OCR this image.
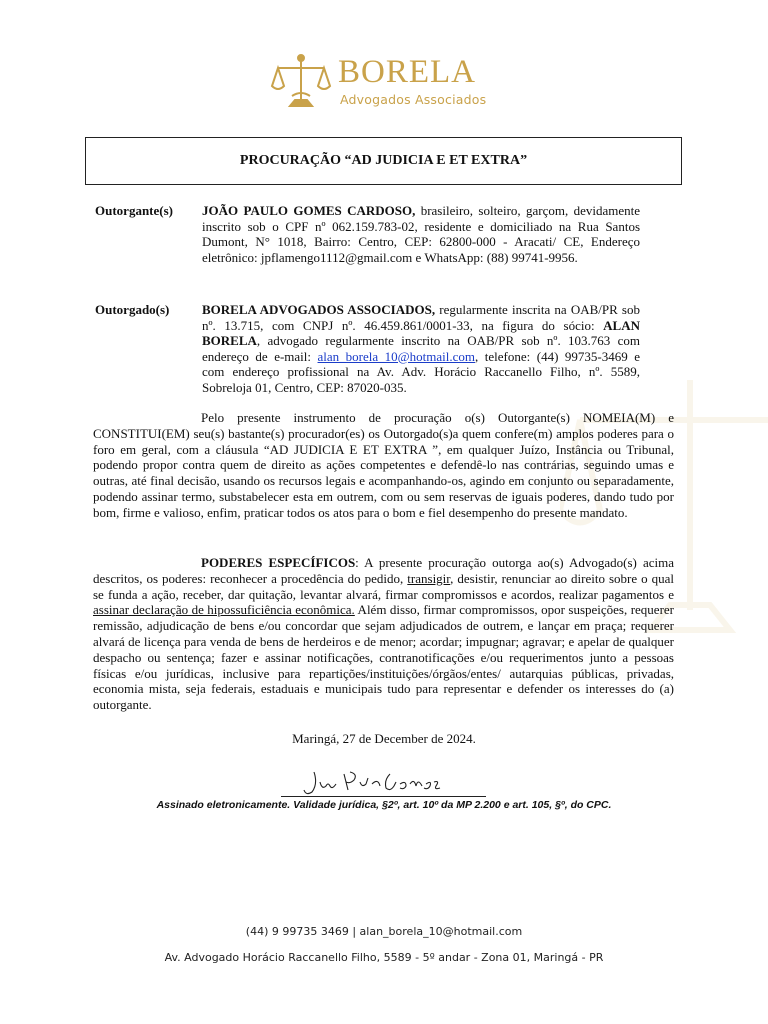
BORELA
Advogados Associados
PROCURAÇÃO “AD JUDICIA E ET EXTRA”
Outorgante(s)	JOÃO PAULO GOMES CARDOSO, brasileiro, solteiro, garçom, devidamente inscrito sob o CPF nº 062.159.783-02, residente e domiciliado na Rua Santos Dumont, N° 1018, Bairro: Centro, CEP: 62800-000 - Aracati/ CE, Endereço eletrônico: jpflamengo1112@gmail.com e WhatsApp: (88) 99741-9956.
Outorgado(s)	BORELA ADVOGADOS ASSOCIADOS, regularmente inscrita na OAB/PR sob nº. 13.715, com CNPJ nº. 46.459.861/0001-33, na figura do sócio: ALAN BORELA, advogado regularmente inscrito na OAB/PR sob nº. 103.763 com endereço de e-mail: alan_borela_10@hotmail.com, telefone: (44) 99735-3469 e com endereço profissional na Av. Adv. Horácio Raccanello Filho, nº. 5589, Sobreloja 01, Centro, CEP: 87020-035.
Pelo presente instrumento de procuração o(s) Outorgante(s) NOMEIA(M) e CONSTITUI(EM) seu(s) bastante(s) procurador(es) os Outorgado(s)a quem confere(m) amplos poderes para o foro em geral, com a cláusula “AD JUDICIA E ET EXTRA ”, em qualquer Juízo, Instância ou Tribunal, podendo propor contra quem de direito as ações competentes e defendê-lo nas contrárias, seguindo umas e outras, até final decisão, usando os recursos legais e acompanhando-os, agindo em conjunto ou separadamente, podendo assinar termo, substabelecer esta em outrem, com ou sem reservas de iguais poderes, dando tudo por bom, firme e valioso, enfim, praticar todos os atos para o bom e fiel desempenho do presente mandato.
PODERES ESPECÍFICOS: A presente procuração outorga ao(s) Advogado(s) acima descritos, os poderes: reconhecer a procedência do pedido, transigir, desistir, renunciar ao direito sobre o qual se funda a ação, receber, dar quitação, levantar alvará, firmar compromissos e acordos, realizar pagamentos e assinar declaração de hipossuficiência econômica. Além disso, firmar compromissos, opor suspeições, requerer remissão, adjudicação de bens e/ou concordar que sejam adjudicados de outrem, e lançar em praça; requerer alvará de licença para venda de bens de herdeiros e de menor; acordar; impugnar; agravar; e apelar de qualquer despacho ou sentença; fazer e assinar notificações, contranotificações e/ou requerimentos junto a pessoas físicas e/ou jurídicas, inclusive para repartições/instituições/órgãos/entes/ autarquias públicas, privadas, economia mista, seja federais, estaduais e municipais tudo para representar e defender os interesses do (a) outorgante.
Maringá, 27 de December de 2024.
Assinado eletronicamente. Validade jurídica, §2º, art. 10º da MP 2.200 e art. 105, §º, do CPC.
(44) 9 99735 3469 | alan_borela_10@hotmail.com
Av. Advogado Horácio Raccanello Filho, 5589 - 5º andar - Zona 01, Maringá - PR
